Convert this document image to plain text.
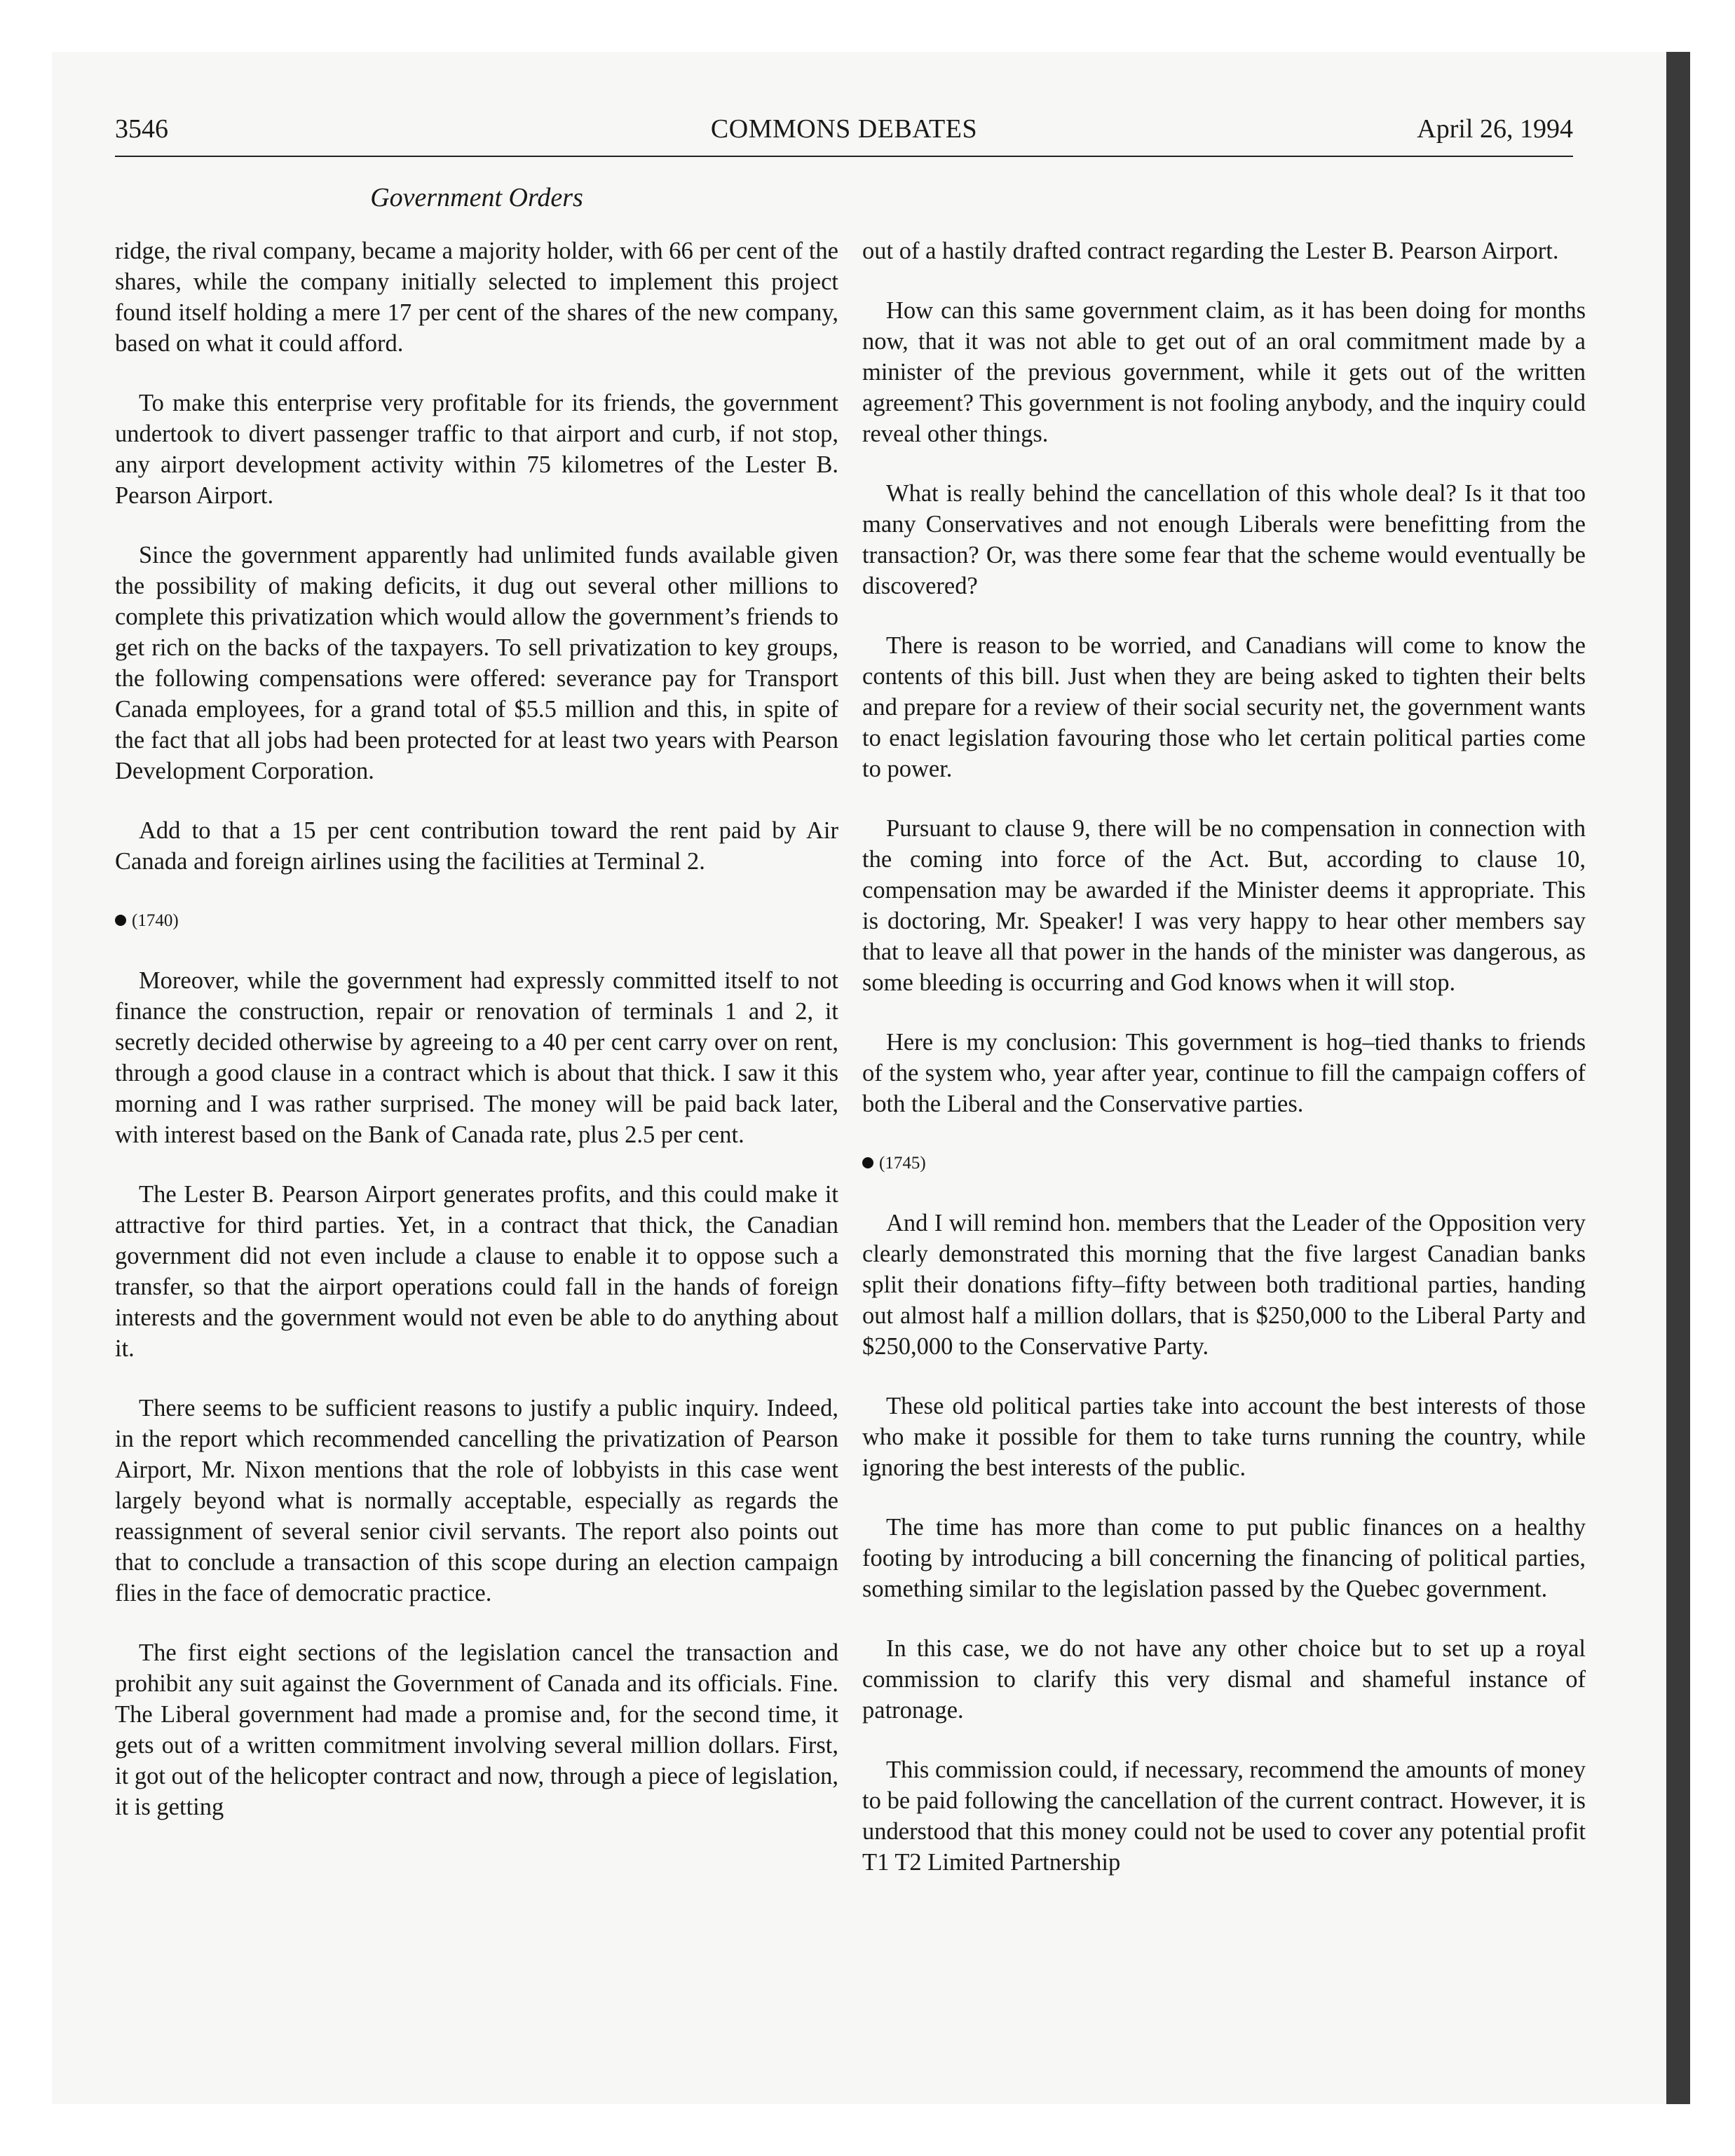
3546	COMMONS DEBATES	April 26, 1994
Government Orders

ridge, the rival company, became a majority holder, with 66 per cent of the shares, while the company initially selected to implement this project found itself holding a mere 17 per cent of the shares of the new company, based on what it could afford.

To make this enterprise very profitable for its friends, the government undertook to divert passenger traffic to that airport and curb, if not stop, any airport development activity within 75 kilometres of the Lester B. Pearson Airport.

Since the government apparently had unlimited funds available given the possibility of making deficits, it dug out several other millions to complete this privatization which would allow the government’s friends to get rich on the backs of the taxpayers. To sell privatization to key groups, the following compensations were offered: severance pay for Transport Canada employees, for a grand total of $5.5 million and this, in spite of the fact that all jobs had been protected for at least two years with Pearson Development Corporation.

Add to that a 15 per cent contribution toward the rent paid by Air Canada and foreign airlines using the facilities at Terminal 2.

(1740)

Moreover, while the government had expressly committed itself to not finance the construction, repair or renovation of terminals 1 and 2, it secretly decided otherwise by agreeing to a 40 per cent carry over on rent, through a good clause in a contract which is about that thick. I saw it this morning and I was rather surprised. The money will be paid back later, with interest based on the Bank of Canada rate, plus 2.5 per cent.

The Lester B. Pearson Airport generates profits, and this could make it attractive for third parties. Yet, in a contract that thick, the Canadian government did not even include a clause to enable it to oppose such a transfer, so that the airport operations could fall in the hands of foreign interests and the government would not even be able to do anything about it.

There seems to be sufficient reasons to justify a public inquiry. Indeed, in the report which recommended cancelling the privatization of Pearson Airport, Mr. Nixon mentions that the role of lobbyists in this case went largely beyond what is normally acceptable, especially as regards the reassignment of several senior civil servants. The report also points out that to conclude a transaction of this scope during an election campaign flies in the face of democratic practice.

The first eight sections of the legislation cancel the transaction and prohibit any suit against the Government of Canada and its officials. Fine. The Liberal government had made a promise and, for the second time, it gets out of a written commitment involving several million dollars. First, it got out of the helicopter contract and now, through a piece of legislation, it is getting

out of a hastily drafted contract regarding the Lester B. Pearson Airport.

How can this same government claim, as it has been doing for months now, that it was not able to get out of an oral commitment made by a minister of the previous government, while it gets out of the written agreement? This government is not fooling anybody, and the inquiry could reveal other things.

What is really behind the cancellation of this whole deal? Is it that too many Conservatives and not enough Liberals were benefitting from the transaction? Or, was there some fear that the scheme would eventually be discovered?

There is reason to be worried, and Canadians will come to know the contents of this bill. Just when they are being asked to tighten their belts and prepare for a review of their social security net, the government wants to enact legislation favouring those who let certain political parties come to power.

Pursuant to clause 9, there will be no compensation in connection with the coming into force of the Act. But, according to clause 10, compensation may be awarded if the Minister deems it appropriate. This is doctoring, Mr. Speaker! I was very happy to hear other members say that to leave all that power in the hands of the minister was dangerous, as some bleeding is occurring and God knows when it will stop.

Here is my conclusion: This government is hog–tied thanks to friends of the system who, year after year, continue to fill the campaign coffers of both the Liberal and the Conservative parties.

(1745)

And I will remind hon. members that the Leader of the Opposition very clearly demonstrated this morning that the five largest Canadian banks split their donations fifty–fifty between both traditional parties, handing out almost half a million dollars, that is $250,000 to the Liberal Party and $250,000 to the Conservative Party.

These old political parties take into account the best interests of those who make it possible for them to take turns running the country, while ignoring the best interests of the public.

The time has more than come to put public finances on a healthy footing by introducing a bill concerning the financing of political parties, something similar to the legislation passed by the Quebec government.

In this case, we do not have any other choice but to set up a royal commission to clarify this very dismal and shameful instance of patronage.

This commission could, if necessary, recommend the amounts of money to be paid following the cancellation of the current contract. However, it is understood that this money could not be used to cover any potential profit T1 T2 Limited Partnership
